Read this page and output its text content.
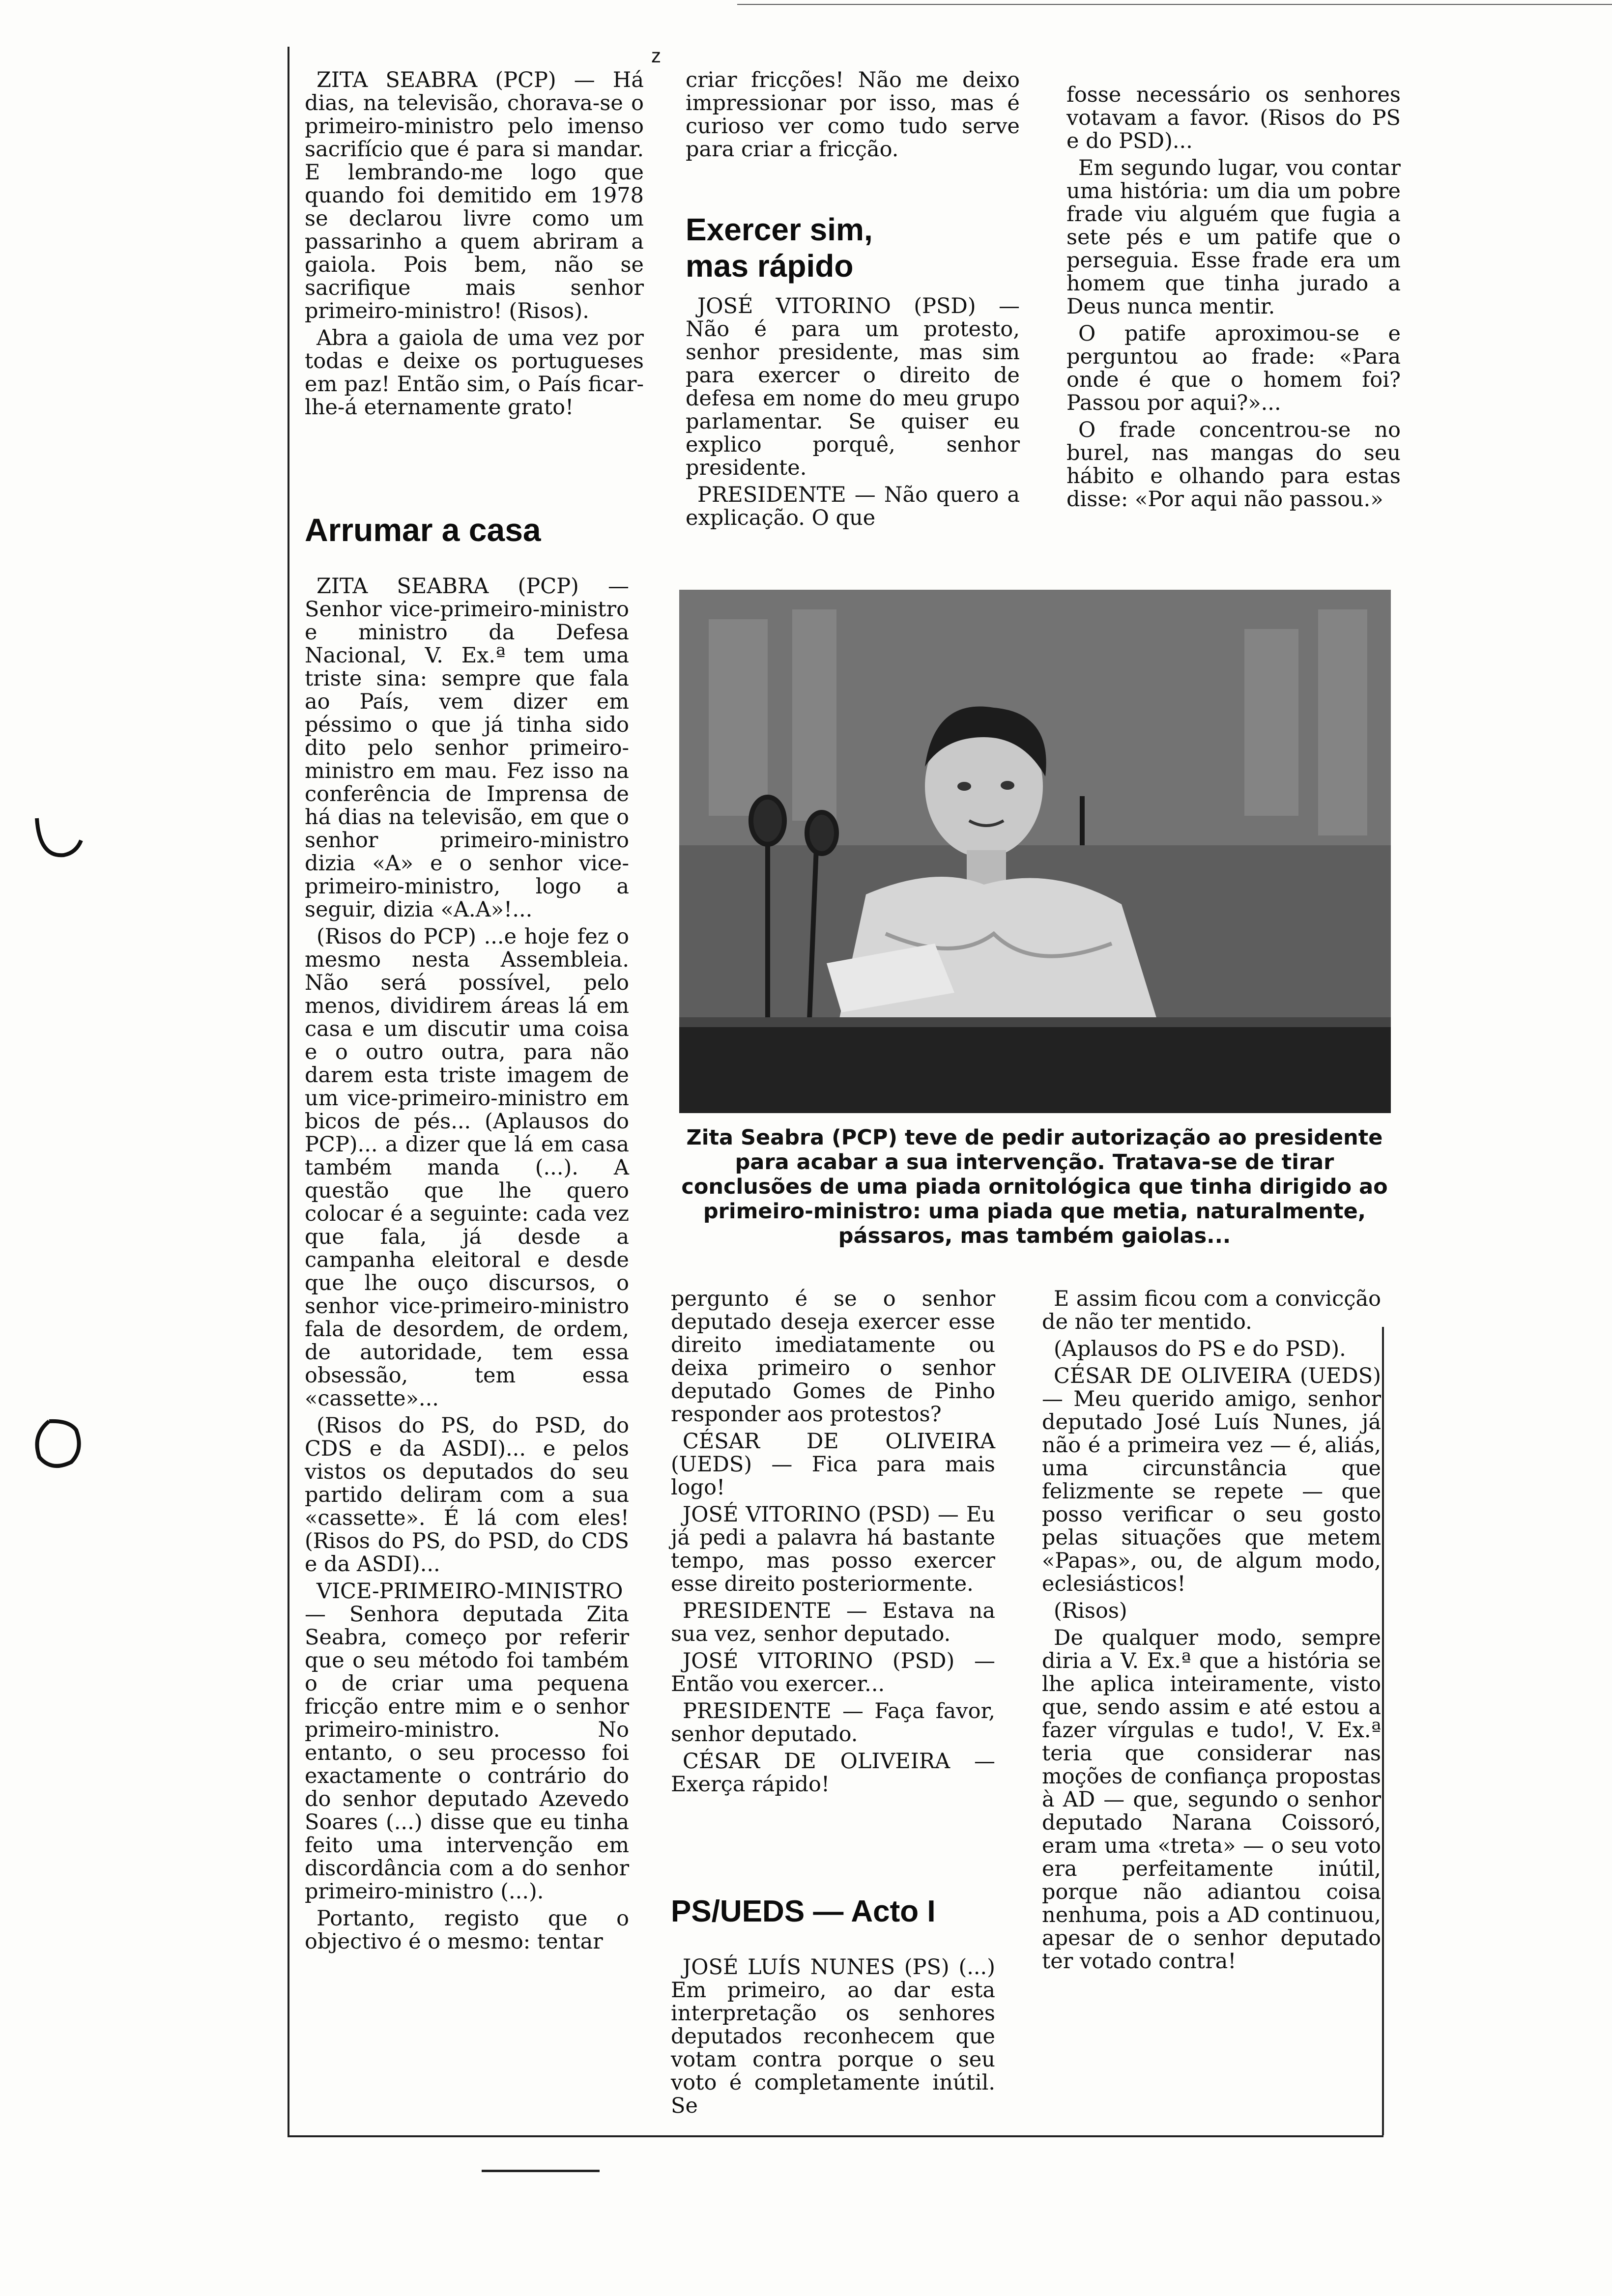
z

ZITA SEABRA (PCP) — Há dias, na televisão, chorava-se o primeiro-ministro pelo imenso sacrifício que é para si mandar. E lembrando-me logo que quando foi demitido em 1978 se declarou livre como um passarinho a quem abriram a gaiola. Pois bem, não se sacrifique mais senhor primeiro-ministro! (Risos).

Abra a gaiola de uma vez por todas e deixe os portugueses em paz! Então sim, o País ficar-lhe-á eternamente grato!

Arrumar a casa

ZITA SEABRA (PCP) — Senhor vice-primeiro-ministro e ministro da Defesa Nacional, V. Ex.ª tem uma triste sina: sempre que fala ao País, vem dizer em péssimo o que já tinha sido dito pelo senhor primeiro-ministro em mau. Fez isso na conferência de Imprensa de há dias na televisão, em que o senhor primeiro-ministro dizia «A» e o senhor vice-primeiro-ministro, logo a seguir, dizia «A.A»!...

(Risos do PCP) ...e hoje fez o mesmo nesta Assembleia. Não será possível, pelo menos, dividirem áreas lá em casa e um discutir uma coisa e o outro outra, para não darem esta triste imagem de um vice-primeiro-ministro em bicos de pés... (Aplausos do PCP)... a dizer que lá em casa também manda (...). A questão que lhe quero colocar é a seguinte: cada vez que fala, já desde a campanha eleitoral e desde que lhe ouço discursos, o senhor vice-primeiro-ministro fala de desordem, de ordem, de autoridade, tem essa obsessão, tem essa «cassette»...

(Risos do PS, do PSD, do CDS e da ASDI)... e pelos vistos os deputados do seu partido deliram com a sua «cassette». É lá com eles! (Risos do PS, do PSD, do CDS e da ASDI)...

VICE-PRIMEIRO-MINISTRO — Senhora deputada Zita Seabra, começo por referir que o seu método foi também o de criar uma pequena fricção entre mim e o senhor primeiro-ministro. No entanto, o seu processo foi exactamente o contrário do do senhor deputado Azevedo Soares (...) disse que eu tinha feito uma intervenção em discordância com a do senhor primeiro-ministro (...).

Portanto, registo que o objectivo é o mesmo: tentar

criar fricções! Não me deixo impressionar por isso, mas é curioso ver como tudo serve para criar a fricção.

Exercer sim, mas rápido

JOSÉ VITORINO (PSD) — Não é para um protesto, senhor presidente, mas sim para exercer o direito de defesa em nome do meu grupo parlamentar. Se quiser eu explico porquê, senhor presidente.

PRESIDENTE — Não quero a explicação. O que

fosse necessário os senhores votavam a favor. (Risos do PS e do PSD)...

Em segundo lugar, vou contar uma história: um dia um pobre frade viu alguém que fugia a sete pés e um patife que o perseguia. Esse frade era um homem que tinha jurado a Deus nunca mentir.

O patife aproximou-se e perguntou ao frade: «Para onde é que o homem foi? Passou por aqui?»...

O frade concentrou-se no burel, nas mangas do seu hábito e olhando para estas disse: «Por aqui não passou.»

Zita Seabra (PCP) teve de pedir autorização ao presidente para acabar a sua intervenção. Tratava-se de tirar conclusões de uma piada ornitológica que tinha dirigido ao primeiro-ministro: uma piada que metia, naturalmente, pássaros, mas também gaiolas...

pergunto é se o senhor deputado deseja exercer esse direito imediatamente ou deixa primeiro o senhor deputado Gomes de Pinho responder aos protestos?

CÉSAR DE OLIVEIRA (UEDS) — Fica para mais logo!

JOSÉ VITORINO (PSD) — Eu já pedi a palavra há bastante tempo, mas posso exercer esse direito posteriormente.

PRESIDENTE — Estava na sua vez, senhor deputado.

JOSÉ VITORINO (PSD) — Então vou exercer...

PRESIDENTE — Faça favor, senhor deputado.

CÉSAR DE OLIVEIRA — Exerça rápido!

PS/UEDS — Acto I

JOSÉ LUÍS NUNES (PS) (...) Em primeiro, ao dar esta interpretação os senhores deputados reconhecem que votam contra porque o seu voto é completamente inútil. Se

E assim ficou com a convicção de não ter mentido.

(Aplausos do PS e do PSD).

CÉSAR DE OLIVEIRA (UEDS) — Meu querido amigo, senhor deputado José Luís Nunes, já não é a primeira vez — é, aliás, uma circunstância que felizmente se repete — que posso verificar o seu gosto pelas situações que metem «Papas», ou, de algum modo, eclesiásticos!

(Risos)

De qualquer modo, sempre diria a V. Ex.ª que a história se lhe aplica inteiramente, visto que, sendo assim e até estou a fazer vírgulas e tudo!, V. Ex.ª teria que considerar nas moções de confiança propostas à AD — que, segundo o senhor deputado Narana Coissoró, eram uma «treta» — o seu voto era perfeitamente inútil, porque não adiantou coisa nenhuma, pois a AD continuou, apesar de o senhor deputado ter votado contra!
